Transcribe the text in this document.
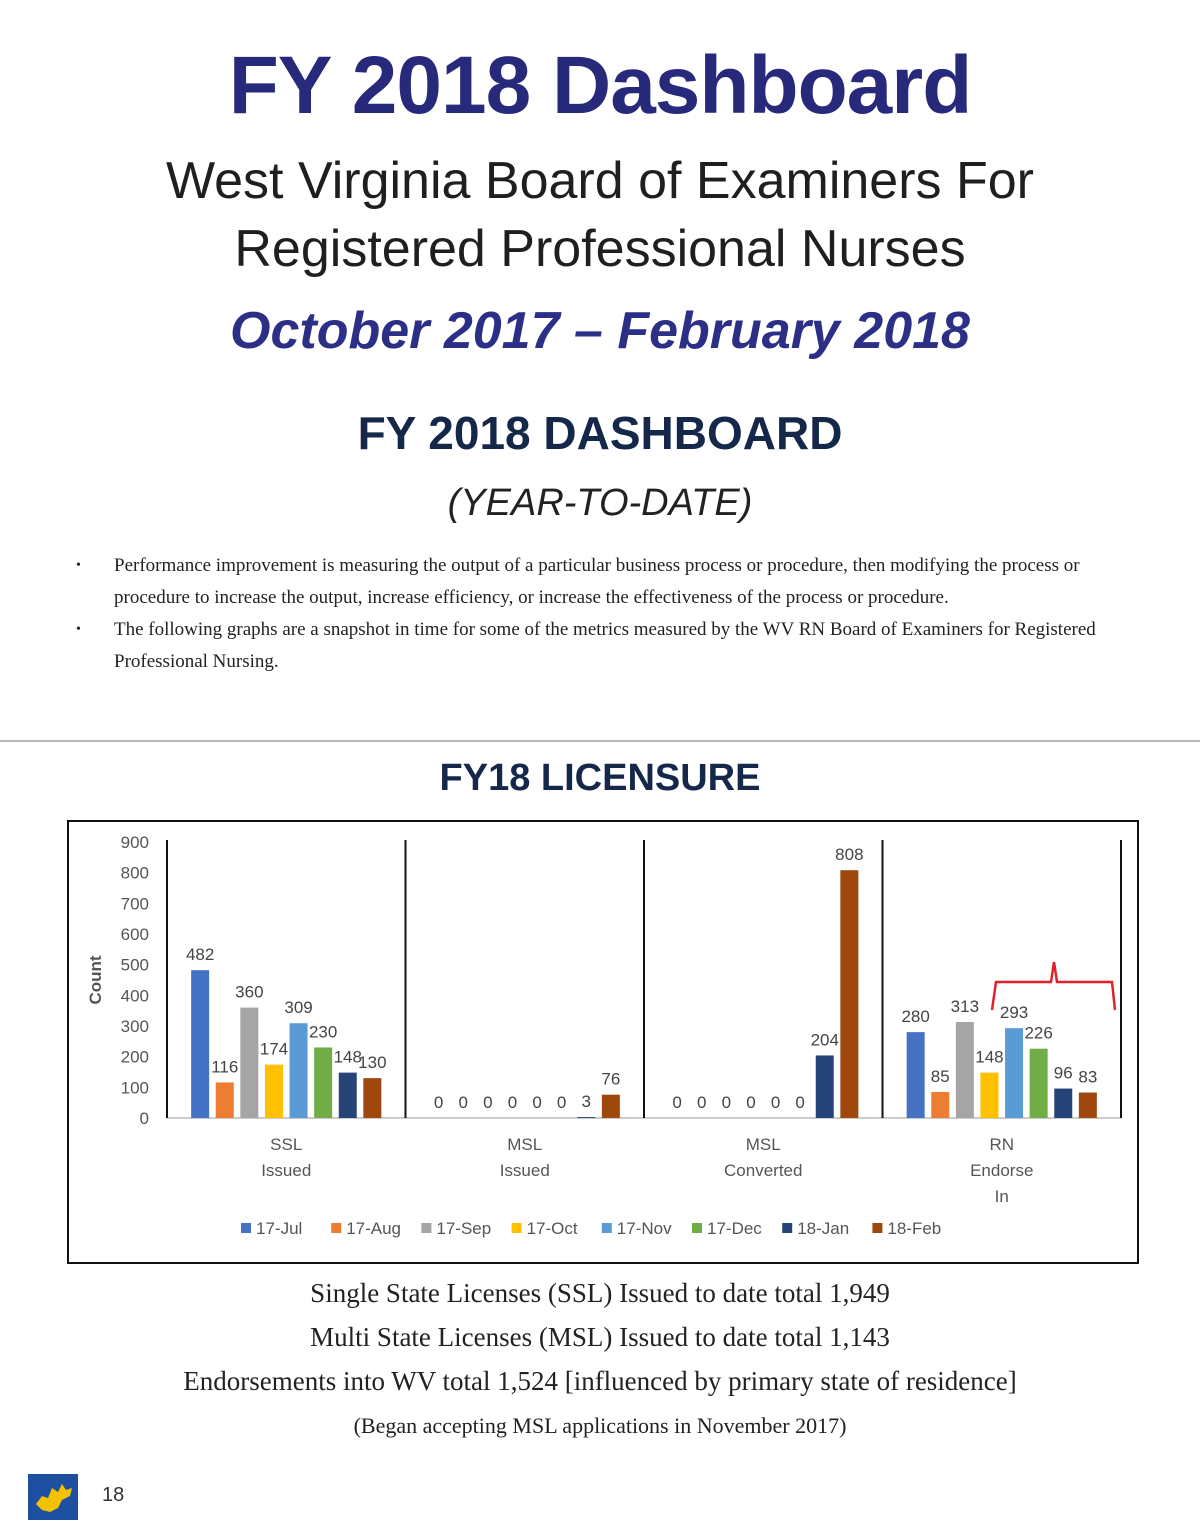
FY 2018 Dashboard
West Virginia Board of Examiners For
Registered Professional Nurses
October 2017 – February 2018
FY 2018 DASHBOARD
(YEAR-TO-DATE)
• Performance improvement is measuring the output of a particular business process or procedure, then modifying the process or procedure to increase the output, increase efficiency, or increase the effectiveness of the process or procedure.
• The following graphs are a snapshot in time for some of the metrics measured by the WV RN Board of Examiners for Registered Professional Nursing.
FY18 LICENSURE
0
100
200
300
400
500
600
700
800
900
Count
482
116
360
174
309
230
148
130
0 0 0 0 0 0 3
76
0 0 0 0 0 0
204
808
280
85
313
148
293
226
96 83
SSL
Issued
MSL
Issued
MSL
Converted
RN
Endorse
In
17-Jul	17-Aug 17-Sep 17-Oct 17-Nov 17-Dec 18-Jan 18-Feb
Single State Licenses (SSL) Issued to date total 1,949
Multi State Licenses (MSL) Issued to date total 1,143
Endorsements into WV total 1,524 [influenced by primary state of residence]
(Began accepting MSL applications in November 2017)
18
